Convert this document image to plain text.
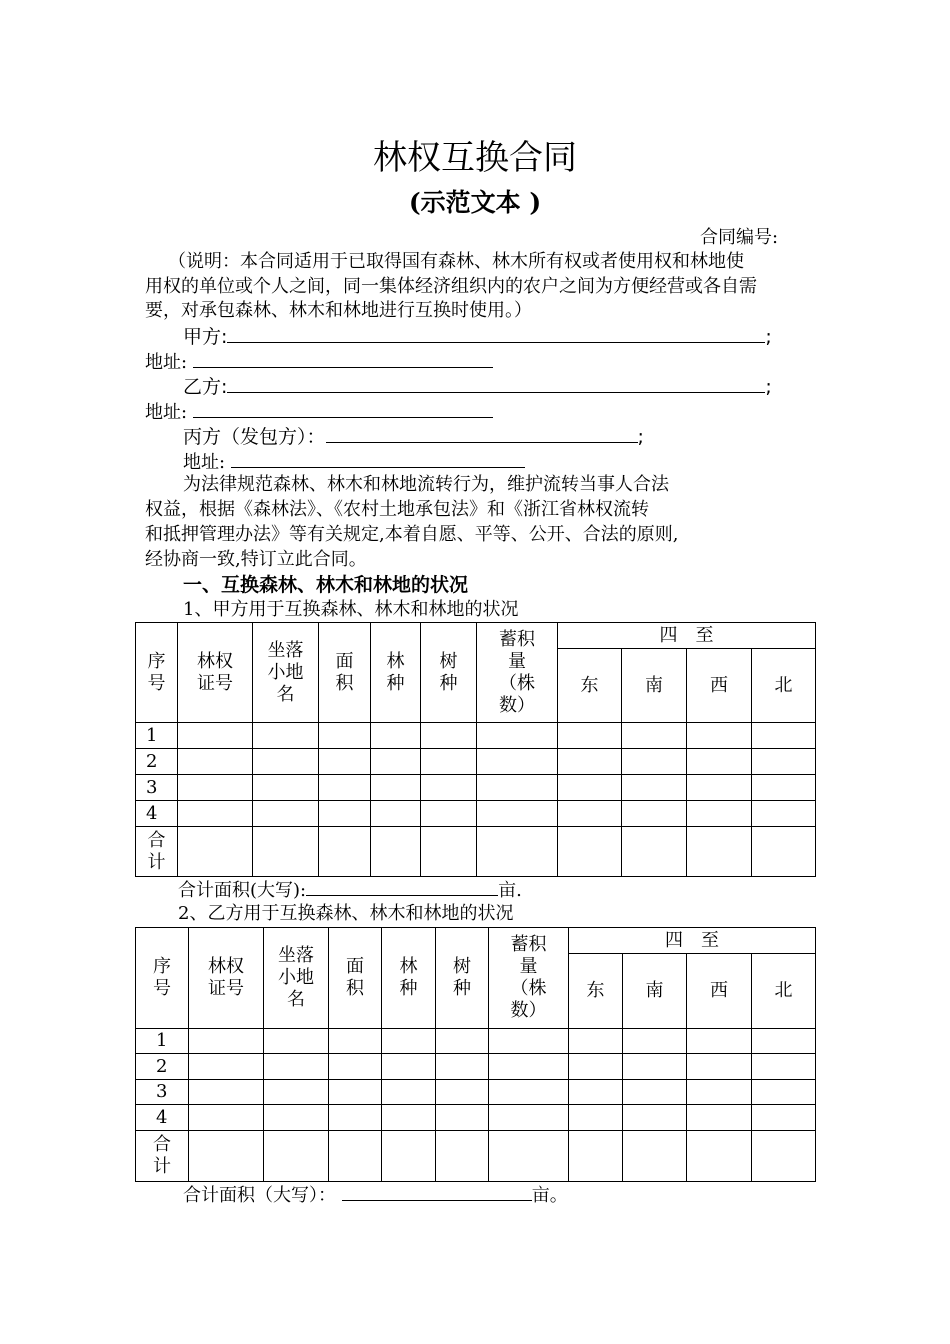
林权互换合同
(示范文本 )
合同编号:
（说明：本合同适用于已取得国有森林、林木所有权或者使用权和林地使
用权的单位或个人之间，同一集体经济组织内的农户之间为方便经营或各自需
要，对承包森林、林木和林地进行互换时使用。）
甲方:	;
地址:
乙方:	;
地址:
丙方（发包方）：	;
地址:
为法律规范森林、林木和林地流转行为，维护流转当事人合法
权益，根据《森林法》、《农村土地承包法》和《浙江省林权流转
和抵押管理办法》等有关规定,本着自愿、平等、公开、合法的原则,
经协商一致,特订立此合同。
一、互换森林、林木和林地的状况
1、甲方用于互换森林、林木和林地的状况
序号	林权证号	坐落小地名	面积	林种	树种	蓄积量（株数）	四　至			
							东	南	西	北
1										
2										
3										
4										
合计										
合计面积(大写):	亩.
2、乙方用于互换森林、林木和林地的状况
序号	林权证号	坐落小地名	面积	林种	树种	蓄积量（株数）	四　至			
							东	南	西	北
1										
2										
3										
4										
合计										
合计面积（大写）：	亩。
